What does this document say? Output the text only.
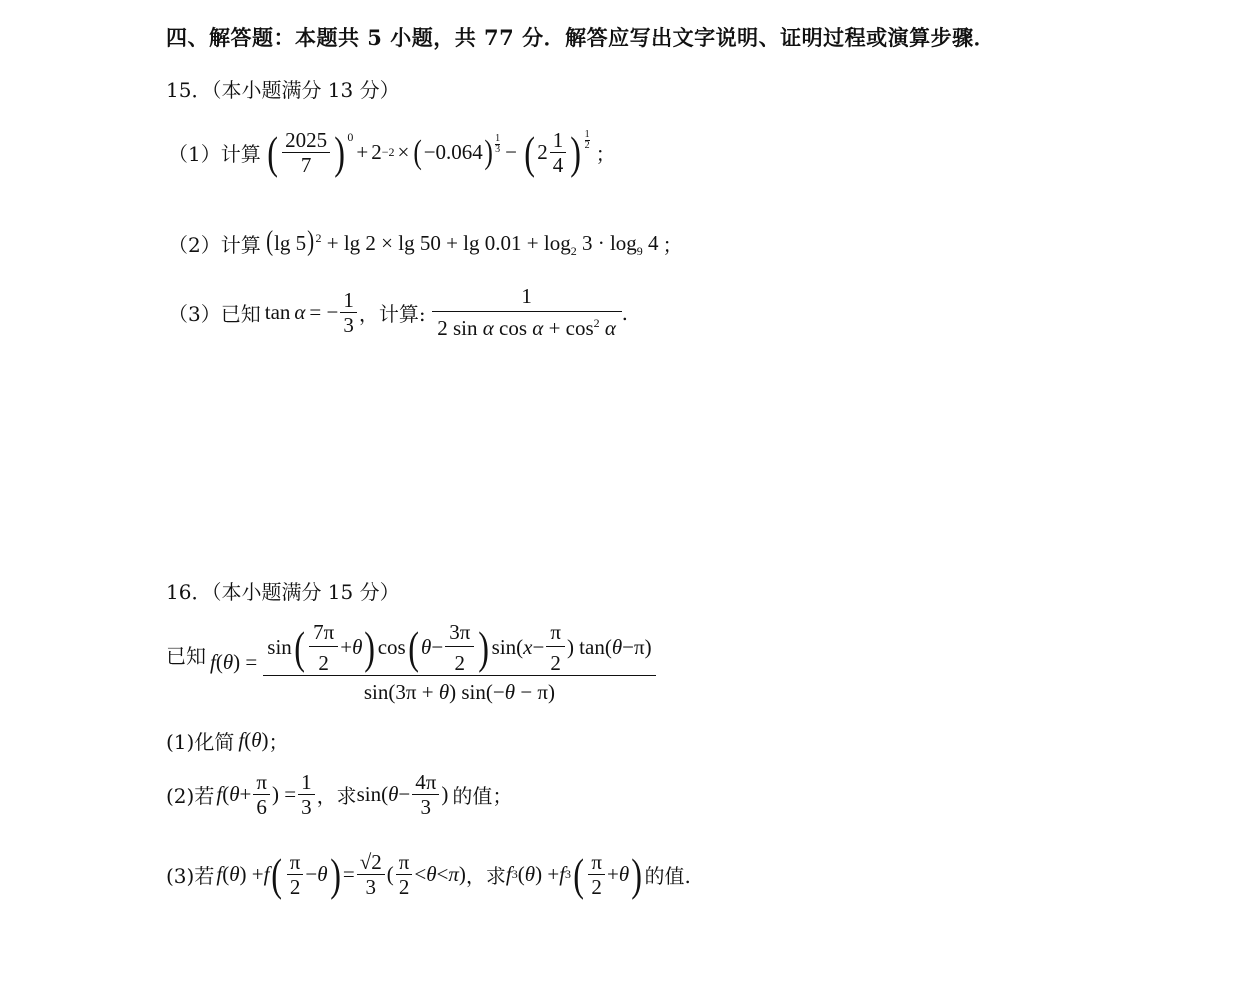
四、解答题：本题共 5 小题，共 77 分．解答应写出文字说明、证明过程或演算步骤．
15．（本小题满分 13 分）
（1）计算 ( $\frac{2025}{7} )^0$
+ 2 −2 × ( −0.064 ) 1
3 − ( $2 \frac{1}{4}$ ) 1
2 ；
（2）计算 (lg $5)^2 + \lg 2 \times \lg 50 + \lg 0.01 + \log_2 3 \cdot \log_9 4$ ；
（3）已知 tan α = − $\frac{1}{3}$ ，计算: $\frac{1}{2 \sin \alpha \cos \alpha + \cos^2 \alpha}$ .
16．（本小题满分 15 分）
已知 f ( θ ) = $\frac{\sin ( \frac{7\pi}{2} + \theta ) \cos ( \theta - \frac{3\pi}{2} ) \sin( x - \frac{\pi}{2} ) \tan( \theta -\pi)}{\sin(3\pi + \theta) \sin(-\theta - \pi)}$
(1)化简 f(θ) ；
(2)若 f ( $\theta + \frac{\pi}{6}$ ) = $\frac{1}{3}$ ，求 sin( $\theta - \frac{4\pi}{3}$ ) 的值；
(3)若 f ( θ ) + f ( $\frac{\pi}{2} - \theta$ ) = $\frac{√2}{3}$ ( $\frac{\pi}{2} < \theta < \pi$ ) ，求 f 3 ( θ ) + f 3 ( $\frac{\pi}{2} + \theta$ ) 的值.
